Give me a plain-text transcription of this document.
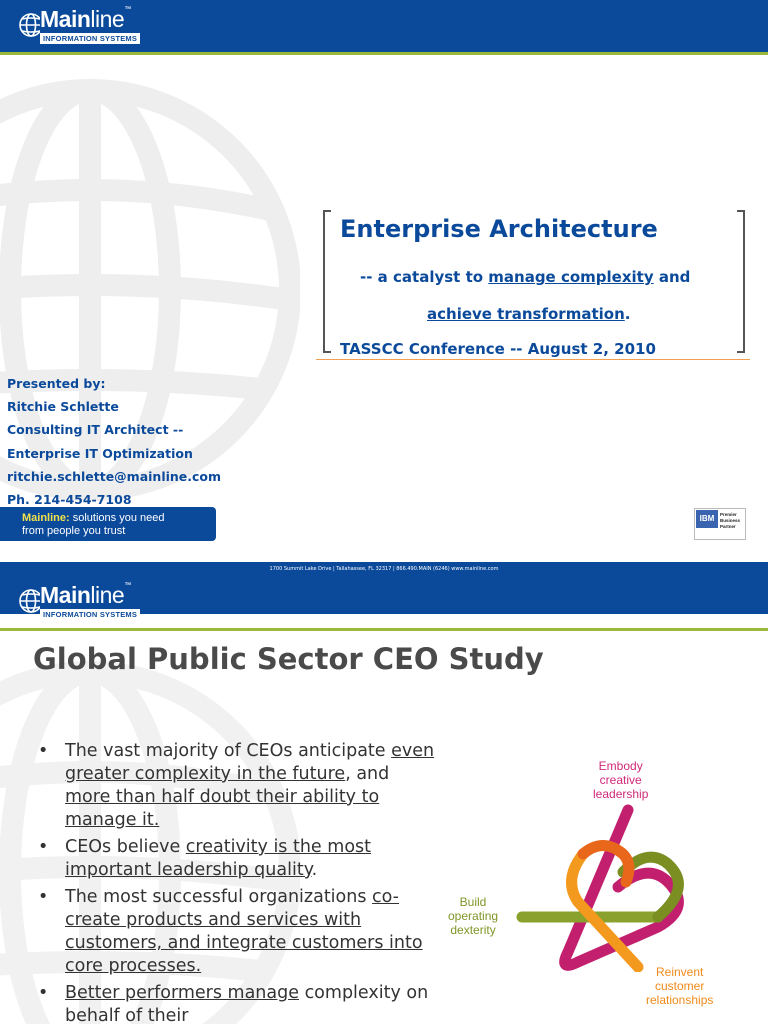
Mainline™
INFORMATION SYSTEMS
Enterprise Architecture
-- a catalyst to manage complexity and
achieve transformation.
TASSCC Conference -- August 2, 2010
Presented by:
Ritchie Schlette
Consulting IT Architect --
Enterprise IT Optimization
ritchie.schlette@mainline.com
Ph. 214-454-7108
Mainline: solutions you need
from people you trust
IBM	Premier
Business
Partner
1700 Summit Lake Drive | Tallahassee, FL 32317 | 866.490.MAIN (6246) www.mainline.com
Mainline™
INFORMATION SYSTEMS
Global Public Sector CEO Study
• The vast majority of CEOs anticipate even greater complexity in the future, and more than half doubt their ability to manage it.
• CEOs believe creativity is the most important leadership quality.
• The most successful organizations co-create products and services with customers, and integrate customers into core processes.
• Better performers manage complexity on behalf of their
Embody
creative
leadership
Build
operating
dexterity
Reinvent
customer
relationships
